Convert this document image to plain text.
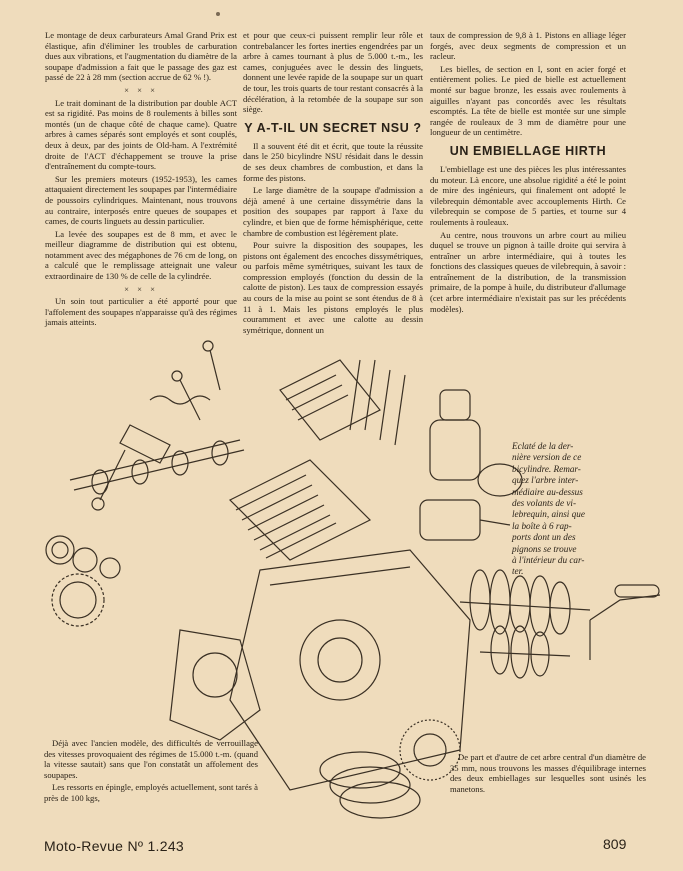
Le montage de deux carburateurs Amal Grand Prix est élastique, afin d'éliminer les troubles de carburation dues aux vibrations, et l'augmentation du diamètre de la soupape d'admission a fait que le passage des gaz est passé de 22 à 28 mm (section accrue de 62 % !).

× × ×

Le trait dominant de la distribution par double ACT est sa rigidité. Pas moins de 8 roulements à billes sont montés (un de chaque côté de chaque came). Quatre arbres à cames séparés sont employés et sont couplés, deux à deux, par des joints de Old-ham. A l'extrémité droite de l'ACT d'échappement se trouve la prise d'entraînement du compte-tours.

Sur les premiers moteurs (1952-1953), les cames attaquaient directement les soupapes par l'intermédiaire de poussoirs cylindriques. Maintenant, nous trouvons au contraire, interposés entre queues de soupapes et cames, de courts linguets au dessin particulier.

La levée des soupapes est de 8 mm, et avec le meilleur diagramme de distribution qui est obtenu, notamment avec des mégaphones de 76 cm de long, on a calculé que le remplissage atteignait une valeur extraordinaire de 130 % de celle de la cylindrée.

× × ×

Un soin tout particulier a été apporté pour que l'affolement des soupapes n'apparaisse qu'à des régimes jamais atteints.

et pour que ceux-ci puissent remplir leur rôle et contrebalancer les fortes inerties engendrées par un arbre à cames tournant à plus de 5.000 t.-m., les cames, conjuguées avec le dessin des linguets, donnent une levée rapide de la soupape sur un quart de tour, les trois quarts de tour restant consacrés à la décélération, à la retombée de la soupape sur son siège.

Y A-T-IL UN SECRET NSU ?

Il a souvent été dit et écrit, que toute la réussite dans le 250 bicylindre NSU résidait dans le dessin de ses deux chambres de combustion, et dans la forme des pistons.

Le large diamètre de la soupape d'admission a déjà amené à une certaine dissymétrie dans la position des soupapes par rapport à l'axe du cylindre, et bien que de forme hémisphérique, cette chambre de combustion est légèrement plate.

Pour suivre la disposition des soupapes, les pistons ont également des encoches dissymétriques, ou parfois même symétriques, suivant les taux de compression employés (fonction du dessin de la calotte de piston). Les taux de compression essayés au cours de la mise au point se sont étendus de 8 à 11 à 1. Mais les pistons employés le plus couramment et avec une calotte au dessin symétrique, donnent un

taux de compression de 9,8 à 1. Pistons en alliage léger forgés, avec deux segments de compression et un racleur.

Les bielles, de section en I, sont en acier forgé et entièrement polies. Le pied de bielle est actuellement monté sur bague bronze, les essais avec roulements à aiguilles n'ayant pas concordés avec les résultats escomptés. La tête de bielle est montée sur une simple rangée de rouleaux de 3 mm de diamètre pour une longueur de un centimètre.

UN EMBIELLAGE HIRTH

L'embiellage est une des pièces les plus intéressantes du moteur. Là encore, une absolue rigidité a été le point de mire des ingénieurs, qui finalement ont adopté le vilebrequin démontable avec accouplements Hirth. Ce vilebrequin se compose de 5 parties, et tourne sur 4 roulements à rouleaux.

Au centre, nous trouvons un arbre court au milieu duquel se trouve un pignon à taille droite qui servira à entraîner un arbre intermédiaire, qui à toutes les fonctions des classiques queues de vilebrequin, à savoir : entraînement de la distribution, de la transmission primaire, de la pompe à huile, du distributeur d'allumage (cet arbre intermédiaire n'existait pas sur les précédents modèles).

Eclaté de la der-
nière version de ce
bicylindre. Remar-
quez l'arbre inter-
médiaire au-dessus
des volants de vi-
lebrequin, ainsi que
la boîte à 6 rap-
ports dont un des
pignons se trouve
à l'intérieur du car-
ter.

Déjà avec l'ancien modèle, des difficultés de verrouillage des vitesses provoquaient des régimes de 15.000 t.-m. (quand la vitesse sautait) sans que l'on constatât un affolement des soupapes.

Les ressorts en épingle, employés actuellement, sont tarés à près de 100 kgs,

De part et d'autre de cet arbre central d'un diamètre de 35 mm, nous trouvons les masses d'équilibrage internes des deux embiellages sur lesquelles sont usinés les manetons.

Moto-Revue Nº 1.243	809
